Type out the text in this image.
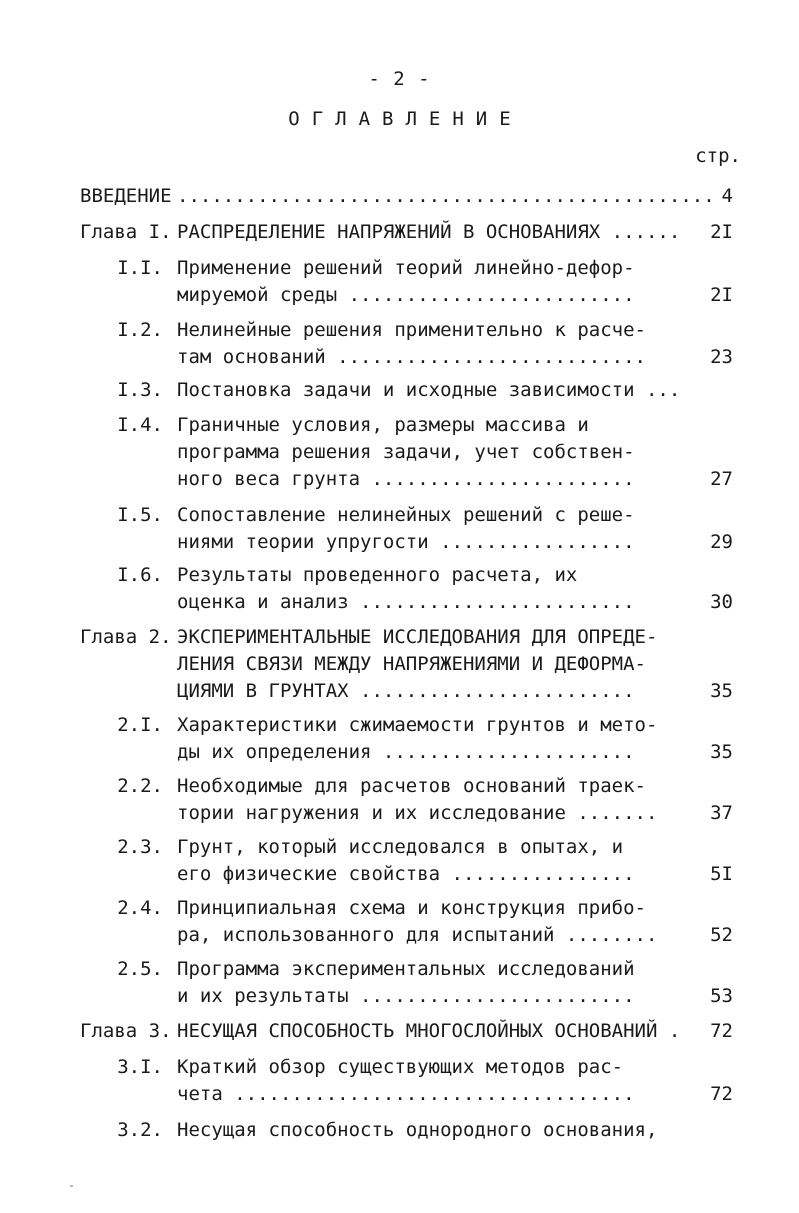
- 2 -
ОГЛАВЛЕНИЕ
стр.
ВВЕДЕНИЕ ............................................... 4
Глава I. РАСПРЕДЕЛЕНИЕ НАПРЯЖЕНИЙ В ОСНОВАНИЯХ ...... 2I
I.I. Применение решений теорий линейно-дефор-
мируемой среды .........................	2I
I.2. Нелинейные решения применительно к расче-
там оснований ...........................	23
I.3. Постановка задачи и исходные зависимости ...
I.4. Граничные условия, размеры массива и
программа решения задачи, учет собствен-
ного веса грунта .......................	27
I.5. Сопоставление нелинейных решений с реше-
ниями теории упругости .................	29
I.6. Результаты проведенного расчета, их
оценка и анализ ........................	30
Глава 2. ЭКСПЕРИМЕНТАЛЬНЫЕ ИССЛЕДОВАНИЯ ДЛЯ ОПРЕДЕ-
ЛЕНИЯ СВЯЗИ МЕЖДУ НАПРЯЖЕНИЯМИ И ДЕФОРМА-
ЦИЯМИ В ГРУНТАХ ........................	35
2.I. Характеристики сжимаемости грунтов и мето-
ды их определения ......................	35
2.2. Необходимые для расчетов оснований траек-
тории нагружения и их исследование .......	37
2.3. Грунт, который исследовался в опытах, и
его физические свойства ................	5I
2.4. Принципиальная схема и конструкция прибо-
ра, использованного для испытаний ........	52
2.5. Программа экспериментальных исследований
и их результаты ........................	53
Глава 3. НЕСУЩАЯ СПОСОБНОСТЬ МНОГОСЛОЙНЫХ ОСНОВАНИЙ . 72
3.I. Краткий обзор существующих методов рас-
чета ...................................	72
3.2. Несущая способность однородного основания,
